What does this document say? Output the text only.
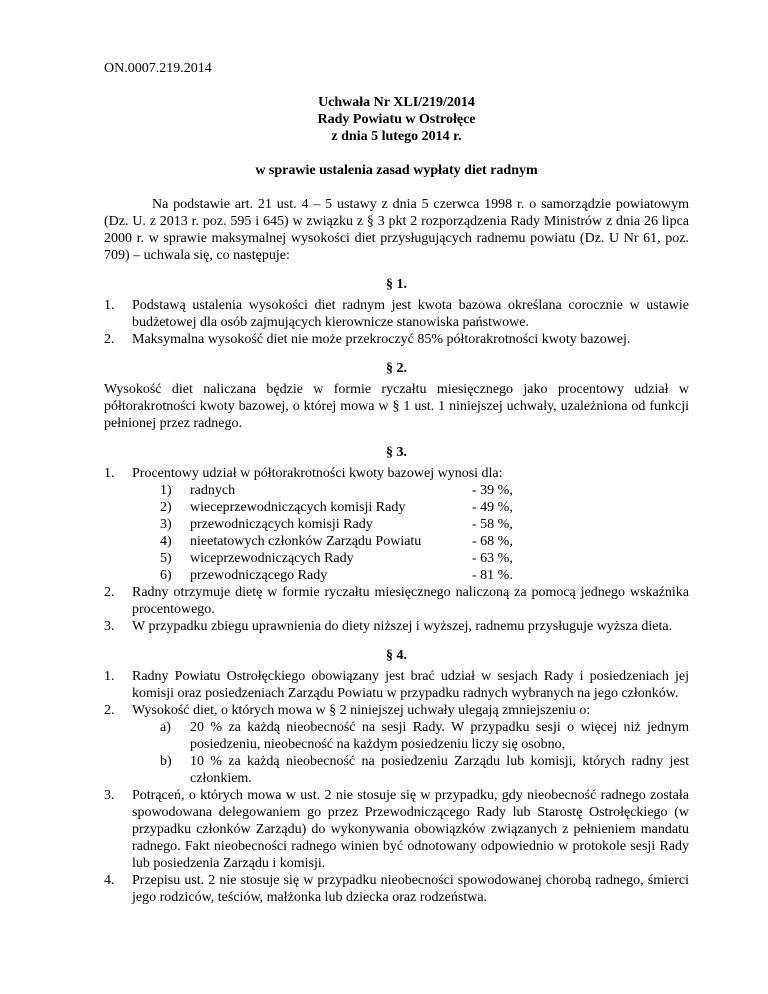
ON.0007.219.2014
Uchwała Nr XLI/219/2014
Rady Powiatu w Ostrołęce
z dnia 5 lutego 2014 r.
w sprawie ustalenia zasad wypłaty diet radnym
Na podstawie art. 21 ust. 4 – 5 ustawy z dnia 5 czerwca 1998 r. o samorządzie powiatowym (Dz. U. z 2013 r. poz. 595 i 645) w związku z § 3 pkt 2 rozporządzenia Rady Ministrów z dnia 26 lipca 2000 r. w sprawie maksymalnej wysokości diet przysługujących radnemu powiatu (Dz. U Nr 61, poz. 709) – uchwala się, co następuje:
§ 1.
1.	Podstawą ustalenia wysokości diet radnym jest kwota bazowa określana corocznie w ustawie budżetowej dla osób zajmujących kierownicze stanowiska państwowe.
2.	Maksymalna wysokość diet nie może przekroczyć 85% półtorakrotności kwoty bazowej.
§ 2.
Wysokość diet naliczana będzie w formie ryczałtu miesięcznego jako procentowy udział w półtorakrotności kwoty bazowej, o której mowa w § 1 ust. 1 niniejszej uchwały, uzależniona od funkcji pełnionej przez radnego.
§ 3.
1.	Procentowy udział w półtorakrotności kwoty bazowej wynosi dla:
1)	radnych	- 39 %,
2)	wieceprzewodniczących komisji Rady	- 49 %,
3)	przewodniczących komisji Rady	- 58 %,
4)	nieetatowych członków Zarządu Powiatu	- 68 %,
5)	wiceprzewodniczących Rady	- 63 %,
6)	przewodniczącego Rady	- 81 %.
2.	Radny otrzymuje dietę w formie ryczałtu miesięcznego naliczoną za pomocą jednego wskaźnika procentowego.
3.	W przypadku zbiegu uprawnienia do diety niższej i wyższej, radnemu przysługuje wyższa dieta.
§ 4.
1.	Radny Powiatu Ostrołęckiego obowiązany jest brać udział w sesjach Rady i posiedzeniach jej komisji oraz posiedzeniach Zarządu Powiatu w przypadku radnych wybranych na jego członków.
2.	Wysokość diet, o których mowa w § 2 niniejszej uchwały ulegają zmniejszeniu o:
a)	20 % za każdą nieobecność na sesji Rady. W przypadku sesji o więcej niż jednym posiedzeniu, nieobecność na każdym posiedzeniu liczy się osobno,
b)	10 % za każdą nieobecność na posiedzeniu Zarządu lub komisji, których radny jest członkiem.
3.	Potrąceń, o których mowa w ust. 2 nie stosuje się w przypadku, gdy nieobecność radnego została spowodowana delegowaniem go przez Przewodniczącego Rady lub Starostę Ostrołęckiego (w przypadku członków Zarządu) do wykonywania obowiązków związanych z pełnieniem mandatu radnego. Fakt nieobecności radnego winien być odnotowany odpowiednio w protokole sesji Rady lub posiedzenia Zarządu i komisji.
4.	Przepisu ust. 2 nie stosuje się w przypadku nieobecności spowodowanej chorobą radnego, śmierci jego rodziców, teściów, małżonka lub dziecka oraz rodzeństwa.
